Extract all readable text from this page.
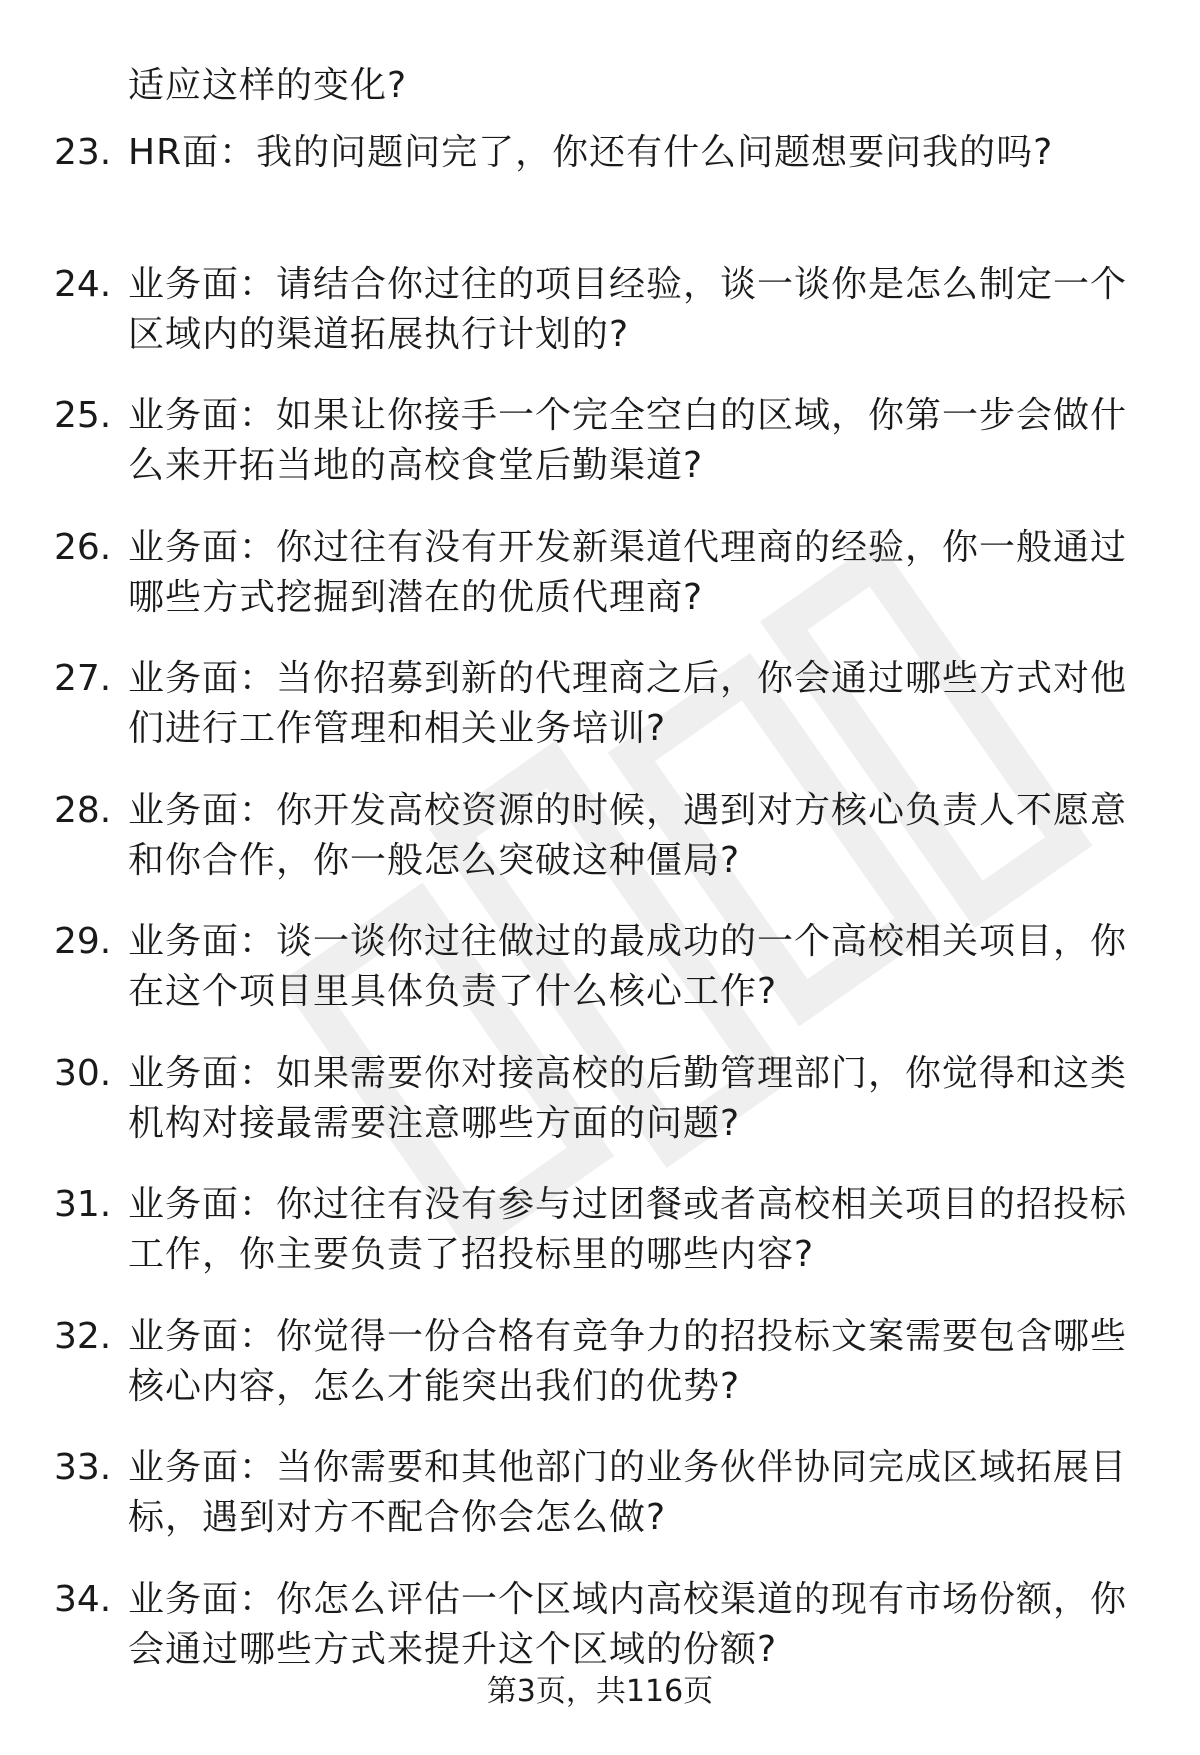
适应这样的变化?
23. HR面：我的问题问完了，你还有什么问题想要问我的吗?
24. 业务面：请结合你过往的项目经验，谈一谈你是怎么制定一个区域内的渠道拓展执行计划的?
25. 业务面：如果让你接手一个完全空白的区域，你第一步会做什么来开拓当地的高校食堂后勤渠道?
26. 业务面：你过往有没有开发新渠道代理商的经验，你一般通过哪些方式挖掘到潜在的优质代理商?
27. 业务面：当你招募到新的代理商之后，你会通过哪些方式对他们进行工作管理和相关业务培训?
28. 业务面：你开发高校资源的时候，遇到对方核心负责人不愿意和你合作，你一般怎么突破这种僵局?
29. 业务面：谈一谈你过往做过的最成功的一个高校相关项目，你在这个项目里具体负责了什么核心工作?
30. 业务面：如果需要你对接高校的后勤管理部门，你觉得和这类机构对接最需要注意哪些方面的问题?
31. 业务面：你过往有没有参与过团餐或者高校相关项目的招投标工作，你主要负责了招投标里的哪些内容?
32. 业务面：你觉得一份合格有竞争力的招投标文案需要包含哪些核心内容，怎么才能突出我们的优势?
33. 业务面：当你需要和其他部门的业务伙伴协同完成区域拓展目标，遇到对方不配合你会怎么做?
34. 业务面：你怎么评估一个区域内高校渠道的现有市场份额，你会通过哪些方式来提升这个区域的份额?
第3页，共116页
